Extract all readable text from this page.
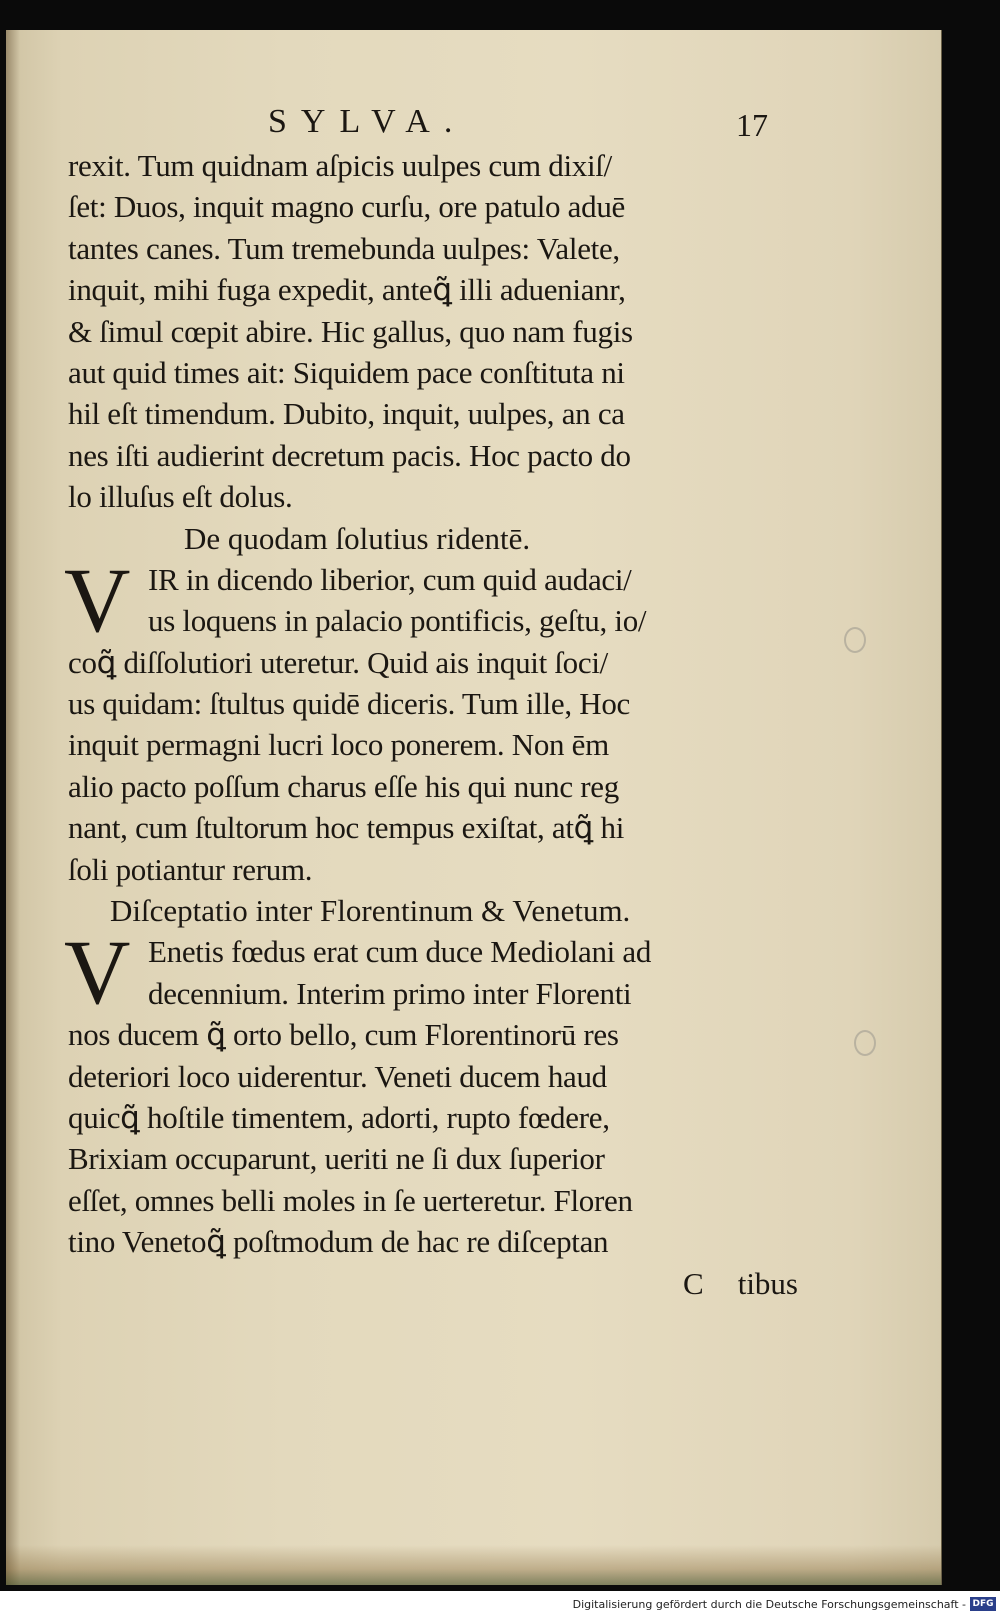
SYLVA.	17
rexit. Tum quidnam aſpicis uulpes cum dixiſ/
ſet: Duos, inquit magno curſu, ore patulo aduē
tantes canes. Tum tremebunda uulpes: Valete,
inquit, mihi fuga expedit, anteꝗ̃ illi aduenianr,
& ſimul cœpit abire. Hic gallus, quo nam fugis
aut quid times ait: Siquidem pace conſtituta ni
hil eſt timendum. Dubito, inquit, uulpes, an ca
nes iſti audierint decretum pacis. Hoc pacto do
lo illuſus eſt dolus.
De quodam ſolutius ridentē.
V IR in dicendo liberior, cum quid audaci/
us loquens in palacio pontificis, geſtu, io/
coꝗ̃ diſſolutiori uteretur. Quid ais inquit ſoci/
us quidam: ſtultus quidē diceris. Tum ille, Hoc
inquit permagni lucri loco ponerem. Non ēm
alio pacto poſſum charus eſſe his qui nunc reg
nant, cum ſtultorum hoc tempus exiſtat, atꝗ̃ hi
ſoli potiantur rerum.
Diſceptatio inter Florentinum & Venetum.
V Enetis fœdus erat cum duce Mediolani ad
decennium. Interim primo inter Florenti
nos ducem ꝗ̃ orto bello, cum Florentinorū res
deteriori loco uiderentur. Veneti ducem haud
quicꝗ̃ hoſtile timentem, adorti, rupto fœdere,
Brixiam occuparunt, ueriti ne ſi dux ſuperior
eſſet, omnes belli moles in ſe uerteretur. Floren
tino Venetoꝗ̃ poſtmodum de hac re diſceptan
C tibus
Digitalisierung gefördert durch die Deutsche Forschungsgemeinschaft - DFG
